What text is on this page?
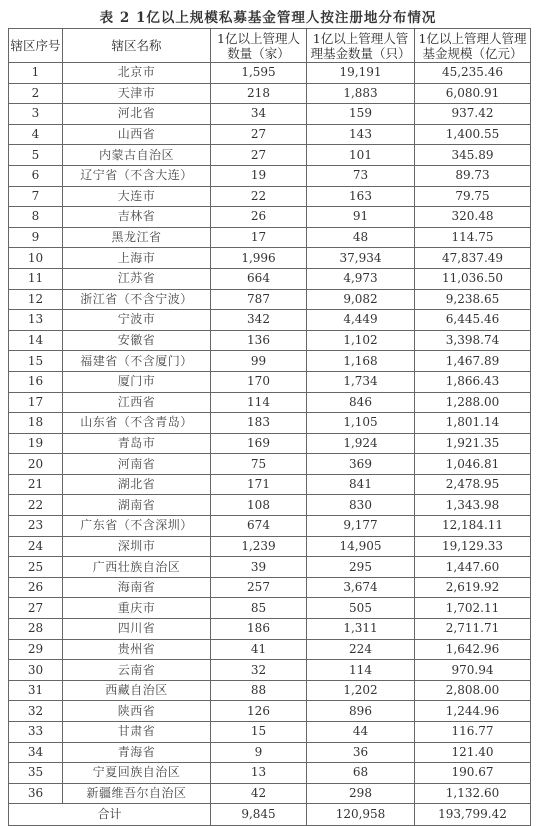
表 2 1亿以上规模私募基金管理人按注册地分布情况
辖区序号	辖区名称	1亿以上管理人数量（家）	1亿以上管理人管理基金数量（只）	1亿以上管理人管理基金规模（亿元）
1	北京市	1,595	19,191	45,235.46
2	天津市	218	1,883	6,080.91
3	河北省	34	159	937.42
4	山西省	27	143	1,400.55
5	内蒙古自治区	27	101	345.89
6	辽宁省（不含大连）	19	73	89.73
7	大连市	22	163	79.75
8	吉林省	26	91	320.48
9	黑龙江省	17	48	114.75
10	上海市	1,996	37,934	47,837.49
11	江苏省	664	4,973	11,036.50
12	浙江省（不含宁波）	787	9,082	9,238.65
13	宁波市	342	4,449	6,445.46
14	安徽省	136	1,102	3,398.74
15	福建省（不含厦门）	99	1,168	1,467.89
16	厦门市	170	1,734	1,866.43
17	江西省	114	846	1,288.00
18	山东省（不含青岛）	183	1,105	1,801.14
19	青岛市	169	1,924	1,921.35
20	河南省	75	369	1,046.81
21	湖北省	171	841	2,478.95
22	湖南省	108	830	1,343.98
23	广东省（不含深圳）	674	9,177	12,184.11
24	深圳市	1,239	14,905	19,129.33
25	广西壮族自治区	39	295	1,447.60
26	海南省	257	3,674	2,619.92
27	重庆市	85	505	1,702.11
28	四川省	186	1,311	2,711.71
29	贵州省	41	224	1,642.96
30	云南省	32	114	970.94
31	西藏自治区	88	1,202	2,808.00
32	陕西省	126	896	1,244.96
33	甘肃省	15	44	116.77
34	青海省	9	36	121.40
35	宁夏回族自治区	13	68	190.67
36	新疆维吾尔自治区	42	298	1,132.60
合计		9,845	120,958	193,799.42
